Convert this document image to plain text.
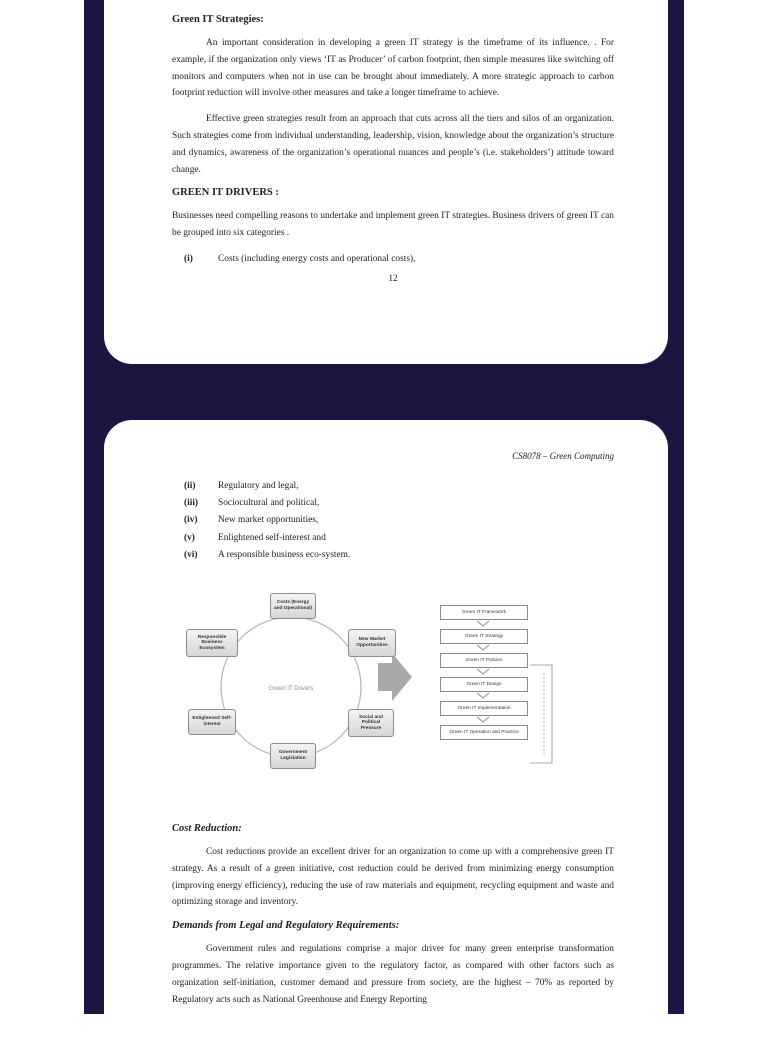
Green IT Strategies:

An important consideration in developing a green IT strategy is the timeframe of its influence. . For example, if the organization only views ‘IT as Producer’ of carbon footprint, then simple measures like switching off monitors and computers when not in use can be brought about immediately. A more strategic approach to carbon footprint reduction will involve other measures and take a longer timeframe to achieve.

Effective green strategies result from an approach that cuts across all the tiers and silos of an organization. Such strategies come from individual understanding, leadership, vision, knowledge about the organization’s structure and dynamics, awareness of the organization’s operational nuances and people’s (i.e. stakeholders’) attitude toward change.

GREEN IT DRIVERS :

Businesses need compelling reasons to undertake and implement green IT strategies. Business drivers of green IT can be grouped into six categories .

(i)	Costs (including energy costs and operational costs),
12

CS8078 – Green Computing

(ii)	Regulatory and legal,
(iii)	Sociocultural and political,
(iv)	New market opportunities,
(v)	Enlightened self-interest and
(vi)	A responsible business eco-system.
Costs (Energy and Operational)
New Market Opportunities
Social and Political Pressure
Government Legislation
Enlightened Self-interest
Responsible Business Ecosystem
Green IT Drivers
Green IT Framework
Green IT Strategy
Green IT Policies
Green IT Design
Green IT Implementation
Green IT Operation and Practice

Cost Reduction:

Cost reductions provide an excellent driver for an organization to come up with a comprehensive green IT strategy. As a result of a green initiative, cost reduction could be derived from minimizing energy consumption (improving energy efficiency), reducing the use of raw materials and equipment, recycling equipment and waste and optimizing storage and inventory.

Demands from Legal and Regulatory Requirements:

Government rules and regulations comprise a major driver for many green enterprise transformation programmes. The relative importance given to the regulatory factor, as compared with other factors such as organization self-initiation, customer demand and pressure from society, are the highest – 70% as reported by Regulatory acts such as National Greenhouse and Energy Reporting
